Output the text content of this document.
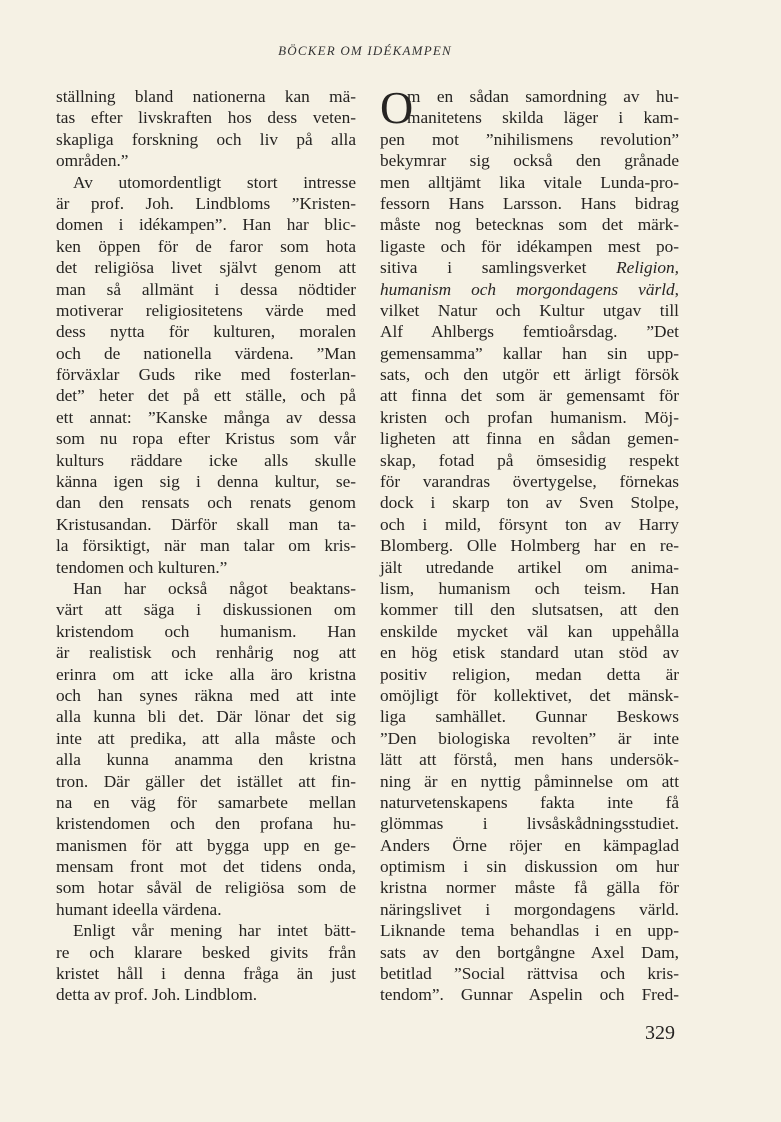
BÖCKER OM IDÉKAMPEN
ställning bland nationerna kan mä-
tas efter livskraften hos dess veten-
skapliga forskning och liv på alla
områden.”
Av utomordentligt stort intresse
är prof. Joh. Lindbloms ”Kristen-
domen i idékampen”. Han har blic-
ken öppen för de faror som hota
det religiösa livet självt genom att
man så allmänt i dessa nödtider
motiverar religiositetens värde med
dess nytta för kulturen, moralen
och de nationella värdena. ”Man
förväxlar Guds rike med fosterlan-
det” heter det på ett ställe, och på
ett annat: ”Kanske många av dessa
som nu ropa efter Kristus som vår
kulturs räddare icke alls skulle
känna igen sig i denna kultur, se-
dan den rensats och renats genom
Kristusandan. Därför skall man ta-
la försiktigt, när man talar om kris-
tendomen och kulturen.”
Han har också något beaktans-
värt att säga i diskussionen om
kristendom och humanism. Han
är realistisk och renhårig nog att
erinra om att icke alla äro kristna
och han synes räkna med att inte
alla kunna bli det. Där lönar det sig
inte att predika, att alla måste och
alla kunna anamma den kristna
tron. Där gäller det istället att fin-
na en väg för samarbete mellan
kristendomen och den profana hu-
manismen för att bygga upp en ge-
mensam front mot det tidens onda,
som hotar såväl de religiösa som de
humant ideella värdena.
Enligt vår mening har intet bätt-
re och klarare besked givits från
kristet håll i denna fråga än just
detta av prof. Joh. Lindblom.
O
m en sådan samordning av hu-
manitetens skilda läger i kam-
pen mot ”nihilismens revolution”
bekymrar sig också den grånade
men alltjämt lika vitale Lunda-pro-
fessorn Hans Larsson. Hans bidrag
måste nog betecknas som det märk-
ligaste och för idékampen mest po-
sitiva i samlingsverket Religion,
humanism och morgondagens värld,
vilket Natur och Kultur utgav till
Alf Ahlbergs femtioårsdag. ”Det
gemensamma” kallar han sin upp-
sats, och den utgör ett ärligt försök
att finna det som är gemensamt för
kristen och profan humanism. Möj-
ligheten att finna en sådan gemen-
skap, fotad på ömsesidig respekt
för varandras övertygelse, förnekas
dock i skarp ton av Sven Stolpe,
och i mild, försynt ton av Harry
Blomberg. Olle Holmberg har en re-
jält utredande artikel om anima-
lism, humanism och teism. Han
kommer till den slutsatsen, att den
enskilde mycket väl kan uppehålla
en hög etisk standard utan stöd av
positiv religion, medan detta är
omöjligt för kollektivet, det mänsk-
liga samhället. Gunnar Beskows
”Den biologiska revolten” är inte
lätt att förstå, men hans undersök-
ning är en nyttig påminnelse om att
naturvetenskapens fakta inte få
glömmas i livsåskådningsstudiet.
Anders Örne röjer en kämpaglad
optimism i sin diskussion om hur
kristna normer måste få gälla för
näringslivet i morgondagens värld.
Liknande tema behandlas i en upp-
sats av den bortgångne Axel Dam,
betitlad ”Social rättvisa och kris-
tendom”. Gunnar Aspelin och Fred-
329
